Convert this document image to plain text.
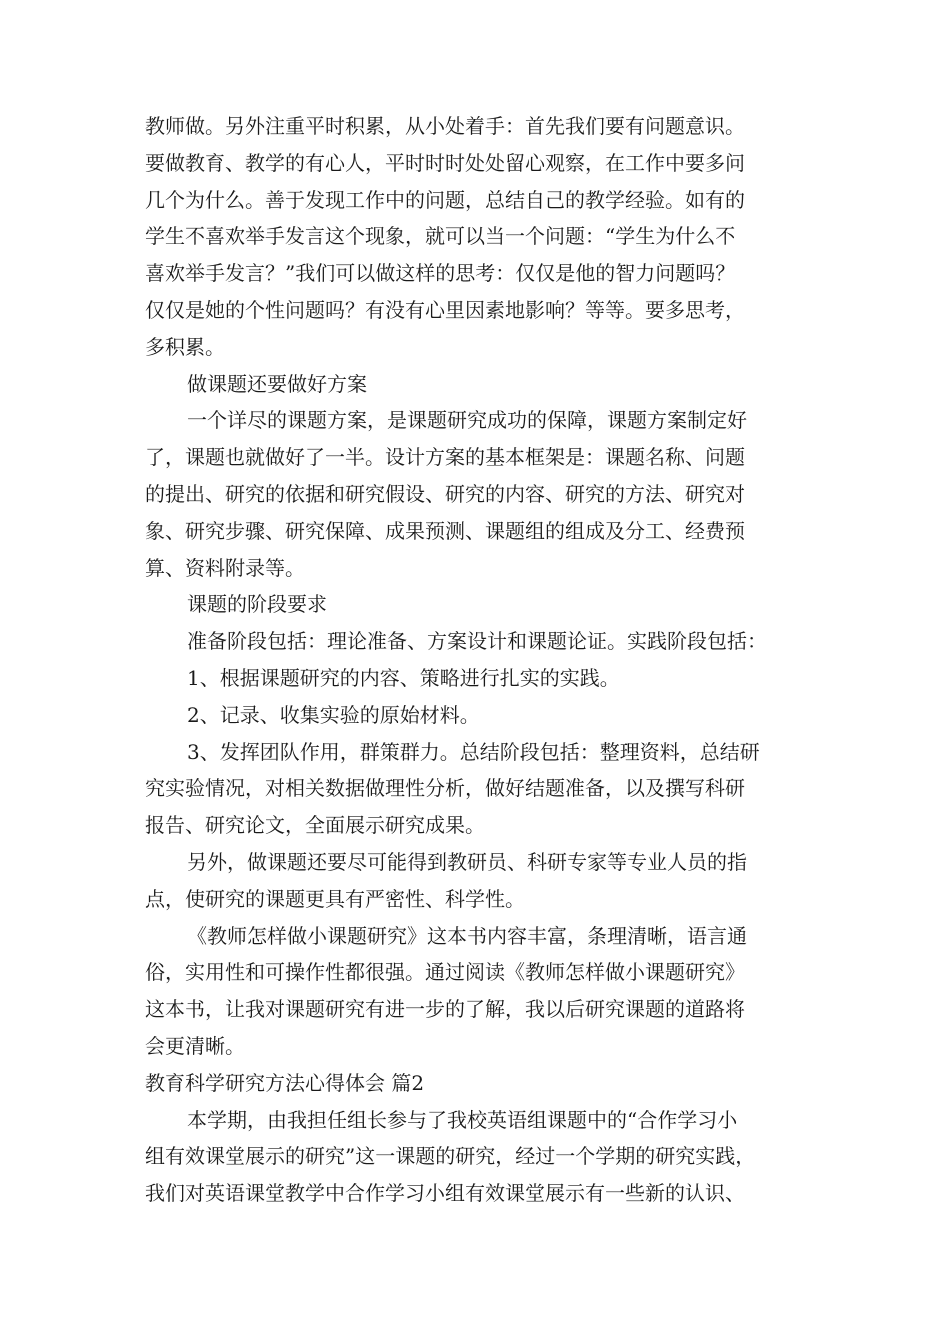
教师做。另外注重平时积累，从小处着手：首先我们要有问题意识。
要做教育、教学的有心人，平时时时处处留心观察，在工作中要多问
几个为什么。善于发现工作中的问题，总结自己的教学经验。如有的
学生不喜欢举手发言这个现象，就可以当一个问题：“学生为什么不
喜欢举手发言？”我们可以做这样的思考：仅仅是他的智力问题吗？
仅仅是她的个性问题吗？有没有心里因素地影响？等等。要多思考，
多积累。
做课题还要做好方案
一个详尽的课题方案，是课题研究成功的保障，课题方案制定好
了，课题也就做好了一半。设计方案的基本框架是：课题名称、问题
的提出、研究的依据和研究假设、研究的内容、研究的方法、研究对
象、研究步骤、研究保障、成果预测、课题组的组成及分工、经费预
算、资料附录等。
课题的阶段要求
准备阶段包括：理论准备、方案设计和课题论证。实践阶段包括：
1、根据课题研究的内容、策略进行扎实的实践。
2、记录、收集实验的原始材料。
3、发挥团队作用，群策群力。总结阶段包括：整理资料，总结研
究实验情况，对相关数据做理性分析，做好结题准备，以及撰写科研
报告、研究论文，全面展示研究成果。
另外，做课题还要尽可能得到教研员、科研专家等专业人员的指
点，使研究的课题更具有严密性、科学性。
《教师怎样做小课题研究》这本书内容丰富，条理清晰，语言通
俗，实用性和可操作性都很强。通过阅读《教师怎样做小课题研究》
这本书，让我对课题研究有进一步的了解，我以后研究课题的道路将
会更清晰。
教育科学研究方法心得体会 篇2
本学期，由我担任组长参与了我校英语组课题中的“合作学习小
组有效课堂展示的研究”这一课题的研究，经过一个学期的研究实践，
我们对英语课堂教学中合作学习小组有效课堂展示有一些新的认识、
